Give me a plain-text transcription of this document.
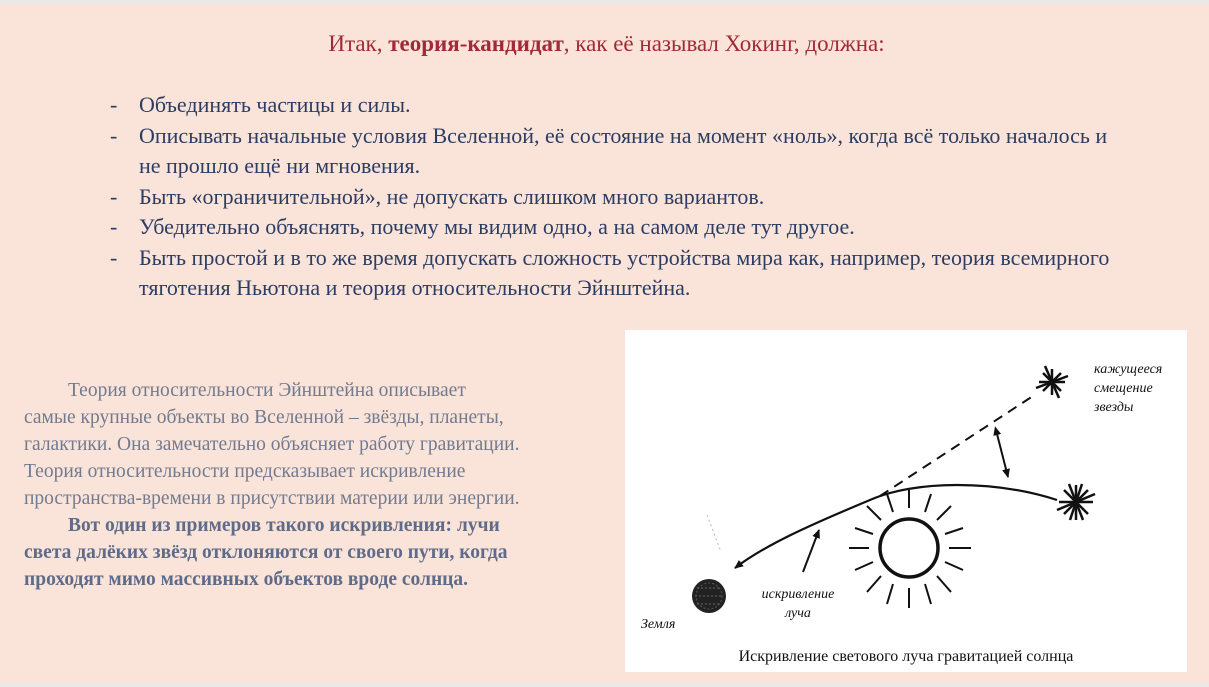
Итак, теория-кандидат, как её называл Хокинг, должна:
- Объединять частицы и силы.
- Описывать начальные условия Вселенной, её состояние на момент «ноль», когда всё только началось и не прошло ещё ни мгновения.
- Быть «ограничительной», не допускать слишком много вариантов.
- Убедительно объяснять, почему мы видим одно, а на самом деле тут другое.
- Быть простой и в то же время допускать сложность устройства мира как, например, теория всемирного тяготения Ньютона и теория относительности Эйнштейна.

Теория относительности Эйнштейна описывает
самые крупные объекты во Вселенной – звёзды, планеты,
галактики. Она замечательно объясняет работу гравитации.
Теория относительности предсказывает искривление
пространства-времени в присутствии материи или энергии.

Вот один из примеров такого искривления: лучи
света далёких звёзд отклоняются от своего пути, когда
проходят мимо массивных объектов вроде солнца.

кажущееся
смещение
звезды
искривление
луча
Земля
Искривление светового луча гравитацией солнца
